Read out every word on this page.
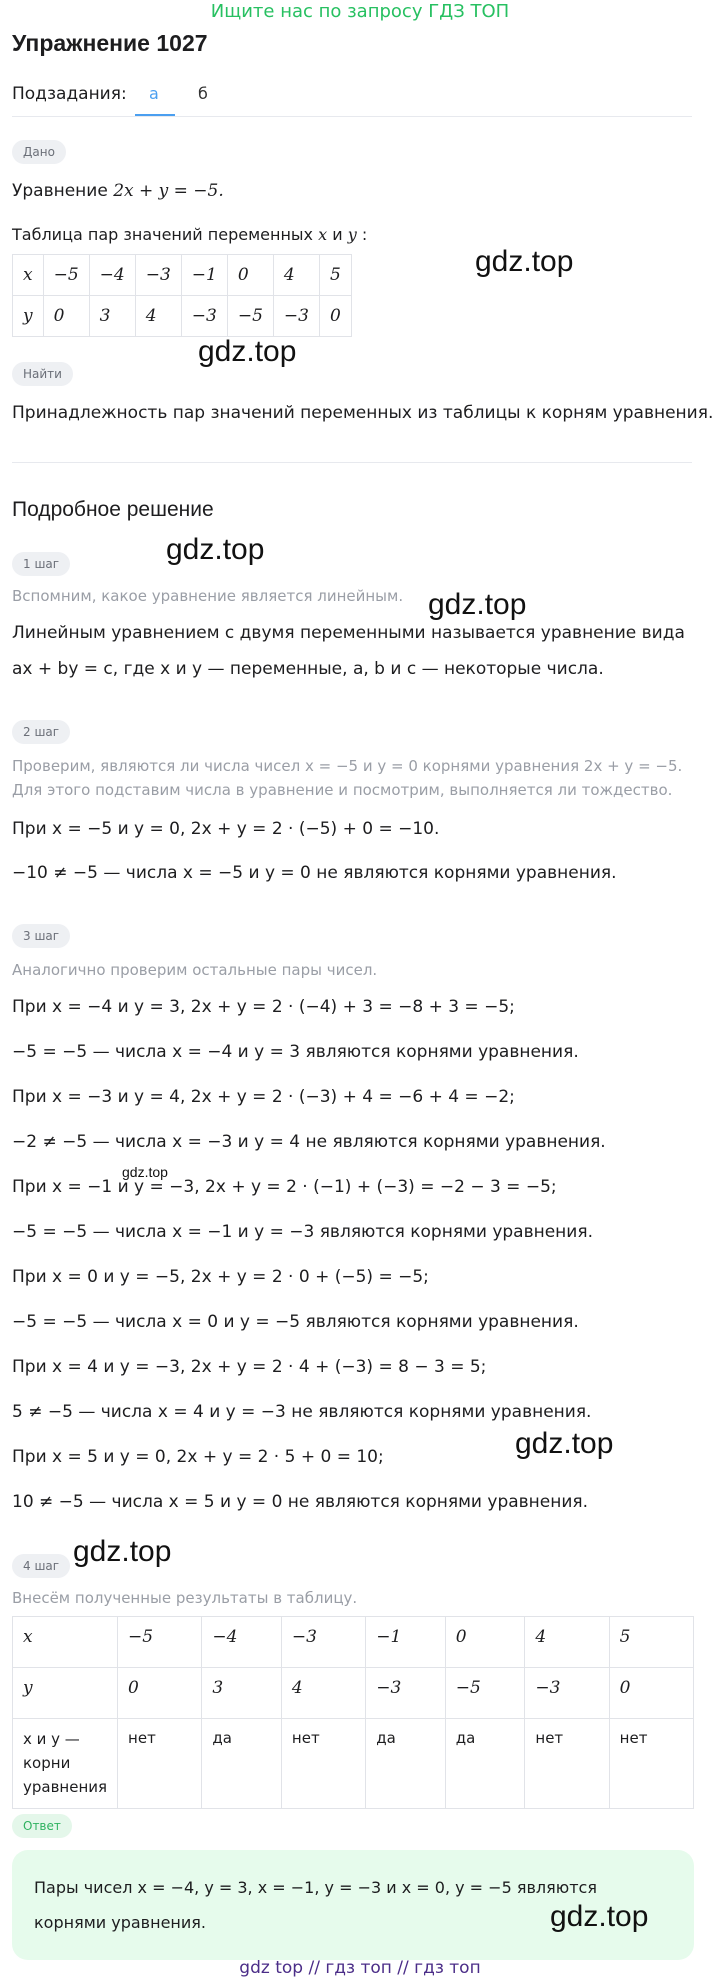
Ищите нас по запросу ГДЗ ТОП
Упражнение 1027
Подзадания: а б
Дано
Уравнение 2x + y = −5.
Таблица пар значений переменных x и y :
x	−5	−4	−3	−1	0	4	5
y	0	3	4	−3	−5	−3	0
Найти
Принадлежность пар значений переменных из таблицы к корням уравнения.
Подробное решение
1 шаг
Вспомним, какое уравнение является линейным.
Линейным уравнением с двумя переменными называется уравнение вида
ax + by = c, где x и y — переменные, a, b и c — некоторые числа.
2 шаг
Проверим, являются ли числа чисел x = −5 и y = 0 корнями уравнения 2x + y = −5.
Для этого подставим числа в уравнение и посмотрим, выполняется ли тождество.
При x = −5 и y = 0, 2x + y = 2 · (−5) + 0 = −10.
−10 ≠ −5 — числа x = −5 и y = 0 не являются корнями уравнения.
3 шаг
Аналогично проверим остальные пары чисел.
При x = −4 и y = 3, 2x + y = 2 · (−4) + 3 = −8 + 3 = −5;
−5 = −5 — числа x = −4 и y = 3 являются корнями уравнения.
При x = −3 и y = 4, 2x + y = 2 · (−3) + 4 = −6 + 4 = −2;
−2 ≠ −5 — числа x = −3 и y = 4 не являются корнями уравнения.
При x = −1 и y = −3, 2x + y = 2 · (−1) + (−3) = −2 − 3 = −5;
−5 = −5 — числа x = −1 и y = −3 являются корнями уравнения.
При x = 0 и y = −5, 2x + y = 2 · 0 + (−5) = −5;
−5 = −5 — числа x = 0 и y = −5 являются корнями уравнения.
При x = 4 и y = −3, 2x + y = 2 · 4 + (−3) = 8 − 3 = 5;
5 ≠ −5 — числа x = 4 и y = −3 не являются корнями уравнения.
При x = 5 и y = 0, 2x + y = 2 · 5 + 0 = 10;
10 ≠ −5 — числа x = 5 и y = 0 не являются корнями уравнения.
4 шаг
Внесём полученные результаты в таблицу.
x	−5	−4	−3	−1	0	4	5
y	0	3	4	−3	−5	−3	0

x и y —
корни
уравнения	нет	да	нет	да	да	нет	нет
Ответ
Пары чисел x = −4, y = 3, x = −1, y = −3 и x = 0, y = −5 являются
корнями уравнения.
gdz.top
gdz.top
gdz.top
gdz.top
gdz.top
gdz.top
gdz.top
gdz.top
gdz top // гдз топ // гдз топ
